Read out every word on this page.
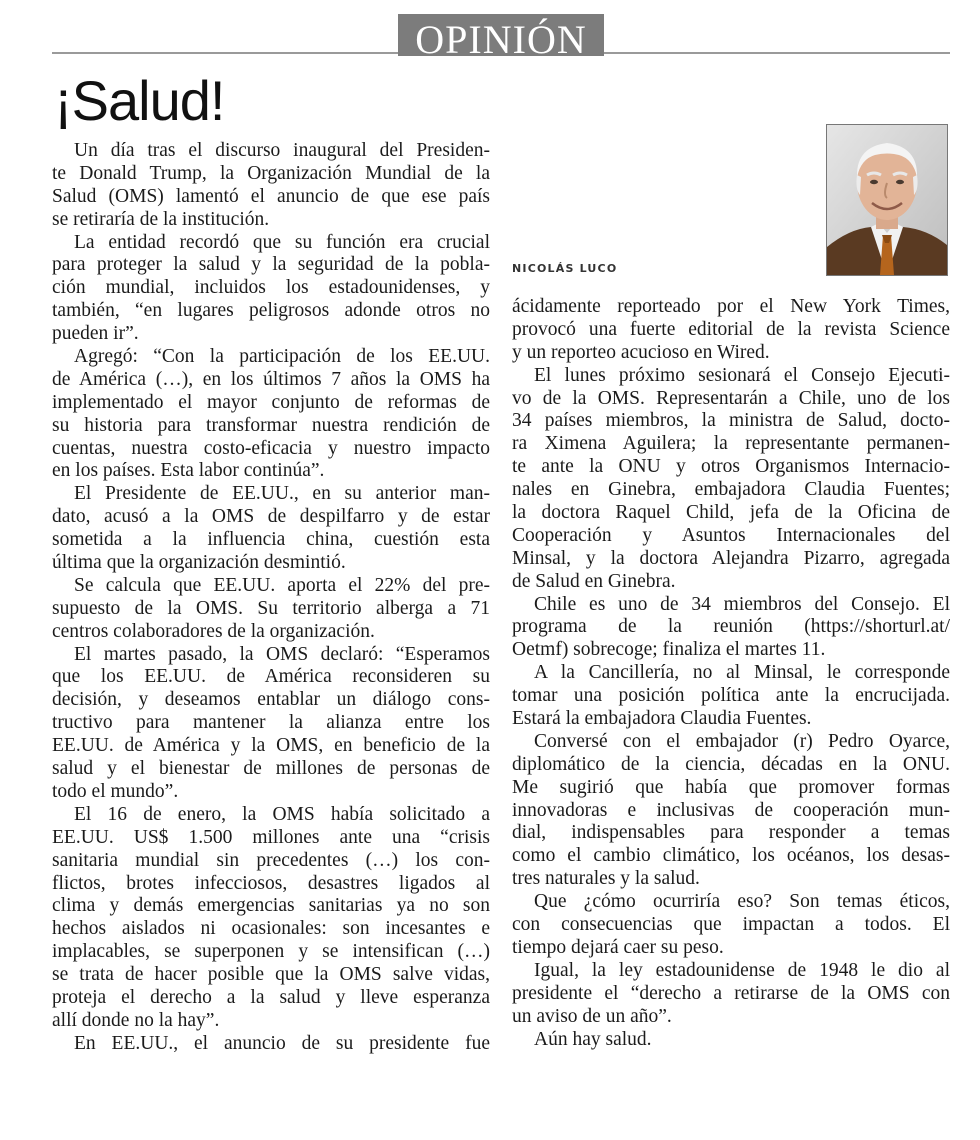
OPINIÓN
¡Salud!
NICOLÁS LUCO
Un día tras el discurso inaugural del Presiden-
te Donald Trump, la Organización Mundial de la
Salud (OMS) lamentó el anuncio de que ese país
se retiraría de la institución.
La entidad recordó que su función era crucial
para proteger la salud y la seguridad de la pobla-
ción mundial, incluidos los estadounidenses, y
también, “en lugares peligrosos adonde otros no
pueden ir”.
Agregó: “Con la participación de los EE.UU.
de América (…), en los últimos 7 años la OMS ha
implementado el mayor conjunto de reformas de
su historia para transformar nuestra rendición de
cuentas, nuestra costo-eficacia y nuestro impacto
en los países. Esta labor continúa”.
El Presidente de EE.UU., en su anterior man-
dato, acusó a la OMS de despilfarro y de estar
sometida a la influencia china, cuestión esta
última que la organización desmintió.
Se calcula que EE.UU. aporta el 22% del pre-
supuesto de la OMS. Su territorio alberga a 71
centros colaboradores de la organización.
El martes pasado, la OMS declaró: “Esperamos
que los EE.UU. de América reconsideren su
decisión, y deseamos entablar un diálogo cons-
tructivo para mantener la alianza entre los
EE.UU. de América y la OMS, en beneficio de la
salud y el bienestar de millones de personas de
todo el mundo”.
El 16 de enero, la OMS había solicitado a
EE.UU. US$ 1.500 millones ante una “crisis
sanitaria mundial sin precedentes (…) los con-
flictos, brotes infecciosos, desastres ligados al
clima y demás emergencias sanitarias ya no son
hechos aislados ni ocasionales: son incesantes e
implacables, se superponen y se intensifican (…)
se trata de hacer posible que la OMS salve vidas,
proteja el derecho a la salud y lleve esperanza
allí donde no la hay”.
En EE.UU., el anuncio de su presidente fue
ácidamente reporteado por el New York Times,
provocó una fuerte editorial de la revista Science
y un reporteo acucioso en Wired.
El lunes próximo sesionará el Consejo Ejecuti-
vo de la OMS. Representarán a Chile, uno de los
34 países miembros, la ministra de Salud, docto-
ra Ximena Aguilera; la representante permanen-
te ante la ONU y otros Organismos Internacio-
nales en Ginebra, embajadora Claudia Fuentes;
la doctora Raquel Child, jefa de la Oficina de
Cooperación y Asuntos Internacionales del
Minsal, y la doctora Alejandra Pizarro, agregada
de Salud en Ginebra.
Chile es uno de 34 miembros del Consejo. El
programa de la reunión (https://shorturl.at/
Oetmf) sobrecoge; finaliza el martes 11.
A la Cancillería, no al Minsal, le corresponde
tomar una posición política ante la encrucijada.
Estará la embajadora Claudia Fuentes.
Conversé con el embajador (r) Pedro Oyarce,
diplomático de la ciencia, décadas en la ONU.
Me sugirió que había que promover formas
innovadoras e inclusivas de cooperación mun-
dial, indispensables para responder a temas
como el cambio climático, los océanos, los desas-
tres naturales y la salud.
Que ¿cómo ocurriría eso? Son temas éticos,
con consecuencias que impactan a todos. El
tiempo dejará caer su peso.
Igual, la ley estadounidense de 1948 le dio al
presidente el “derecho a retirarse de la OMS con
un aviso de un año”.
Aún hay salud.
